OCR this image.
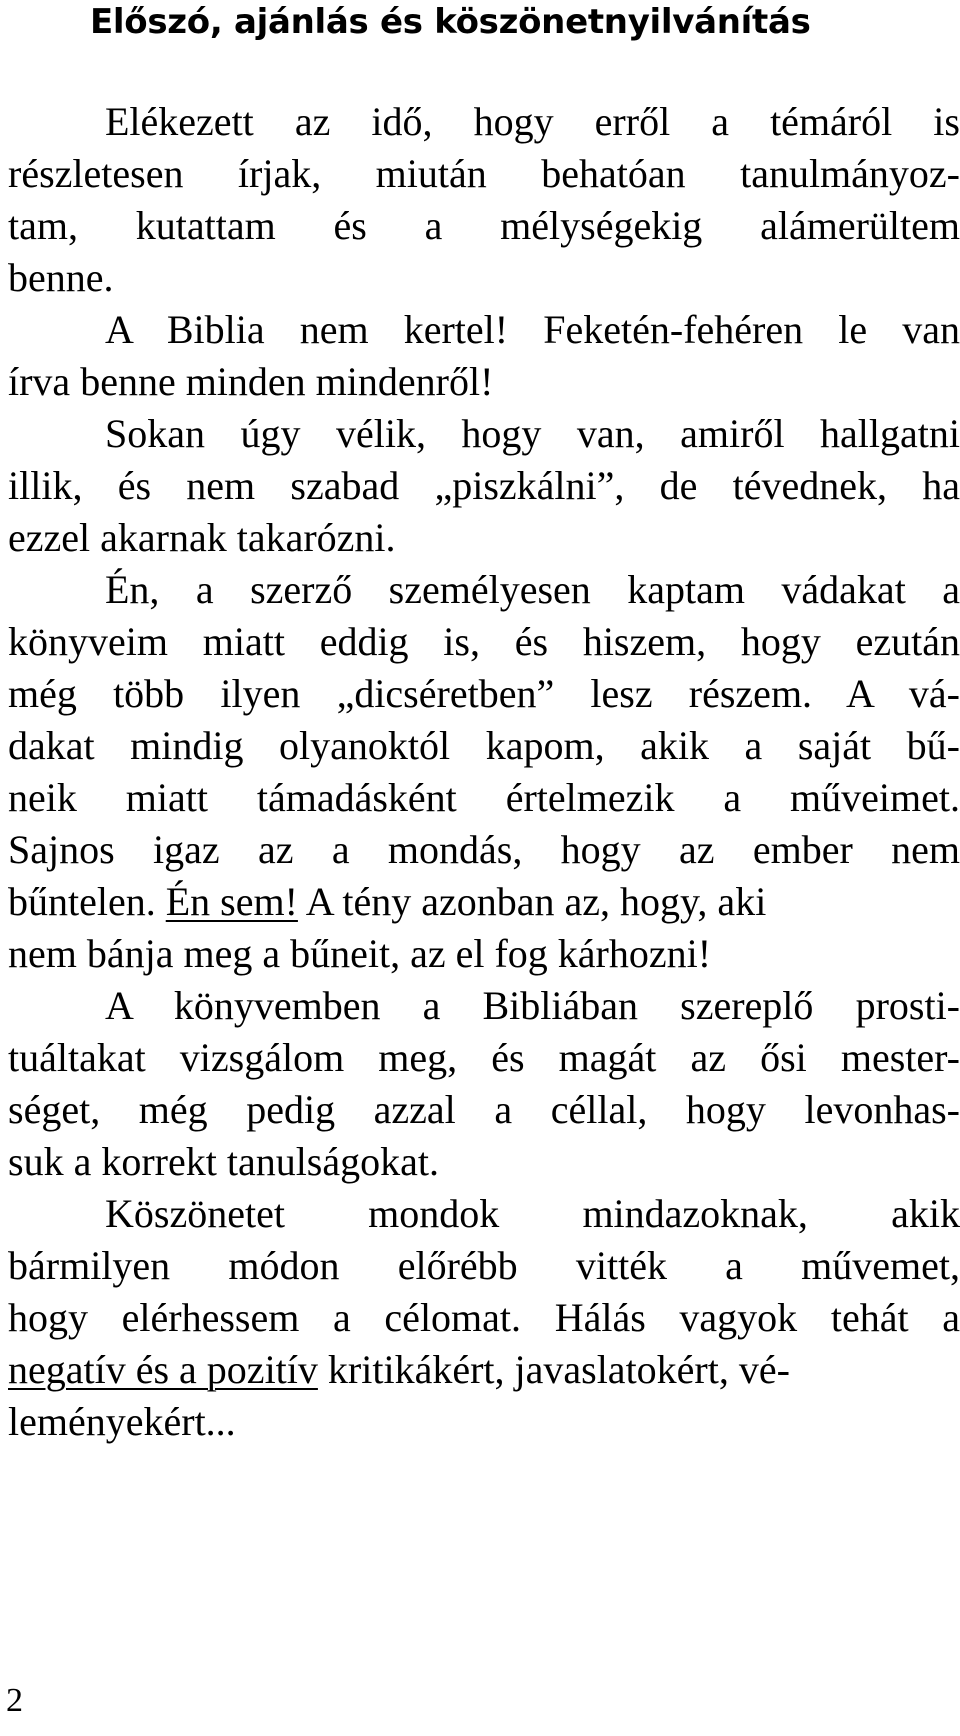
Előszó, ajánlás és köszönetnyilvánítás
Elékezett az idő, hogy erről a témáról is
részletesen írjak, miután behatóan tanulmányoz-
tam, kutattam és a mélységekig alámerültem
benne.
A Biblia nem kertel! Feketén-fehéren le van
írva benne minden mindenről!
Sokan úgy vélik, hogy van, amiről hallgatni
illik, és nem szabad „piszkálni”, de tévednek, ha
ezzel akarnak takarózni.
Én, a szerző személyesen kaptam vádakat a
könyveim miatt eddig is, és hiszem, hogy ezután
még több ilyen „dicséretben” lesz részem. A vá-
dakat mindig olyanoktól kapom, akik a saját bű-
neik miatt támadásként értelmezik a műveimet.
Sajnos igaz az a mondás, hogy az ember nem
bűntelen. Én sem! A tény azonban az, hogy, aki
nem bánja meg a bűneit, az el fog kárhozni!
A könyvemben a Bibliában szereplő prosti-
tuáltakat vizsgálom meg, és magát az ősi mester-
séget, még pedig azzal a céllal, hogy levonhas-
suk a korrekt tanulságokat.
Köszönetet mondok mindazoknak, akik
bármilyen módon előrébb vitték a művemet,
hogy elérhessem a célomat. Hálás vagyok tehát a
negatív és a pozitív kritikákért, javaslatokért, vé-
leményekért...
2
